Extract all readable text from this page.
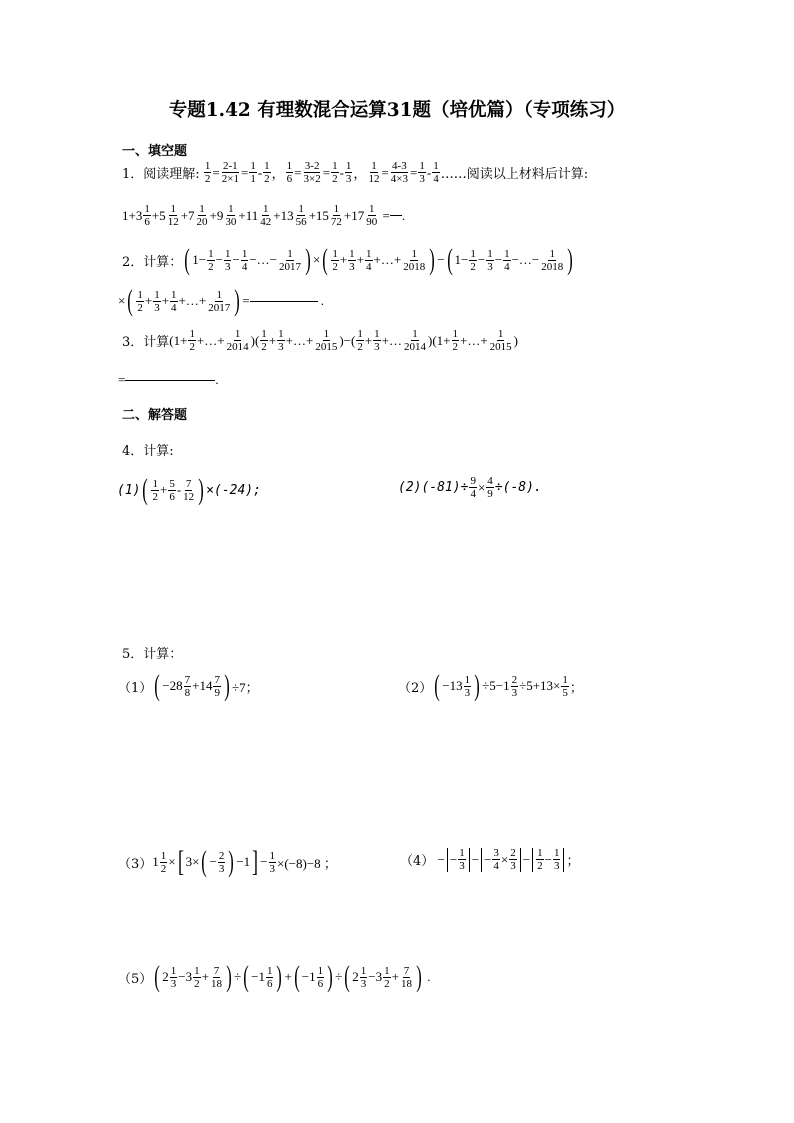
专题1.42 有理数混合运算31题（培优篇）（专项练习）
一、填空题
1．阅读理解:
$\frac{1}{2} = \frac{2-1}{2\times 1} = \frac{1}{1} - \frac{1}{2}$ ， $\frac{1}{6} = \frac{3-2}{3\times 2} = \frac{1}{2} - \frac{1}{3}$ ， $\frac{1}{12} = \frac{4-3}{4\times 3} = \frac{1}{3} - \frac{1}{4}$ ……阅读以上材料后计算:
$1+3 \frac{1}{6} +5 \frac{1}{12} +7 \frac{1}{20} +9 \frac{1}{30} +11 \frac{1}{42} +13 \frac{1}{56} +15 \frac{1}{72} +17 \frac{1}{90}$ = .
2．计算： ( $1- \frac{1}{2} - \frac{1}{3} - \frac{1}{4}$ −…− $\frac{1}{2017}$ ) × ( $\frac{1}{2} + \frac{1}{3} + \frac{1}{4}$ +…+ $\frac{1}{2018}$ ) − ( $1- \frac{1}{2} - \frac{1}{3} - \frac{1}{4}$ −…− $\frac{1}{2018}$ )
× ( $\frac{1}{2} + \frac{1}{3} + \frac{1}{4}$ +…+ $\frac{1}{2017}$ ) =	.
3．计算 ($1+ \frac{1}{2}$ +…+ $\frac{1}{2014}$ )( $\frac{1}{2} + \frac{1}{3}$ +…+ $\frac{1}{2015}$ )−( $\frac{1}{2} + \frac{1}{3}$ +… $\frac{1}{2014} )(1+ \frac{1}{2}$ +…+ $\frac{1}{2015}$ )
=	.
二、解答题
4．计算:
(1) ( $\frac{1}{2} + \frac{5}{6} - \frac{7}{12}$ ) ×(-24);	$(2)(-81)\div \frac{9}{4} \times \frac{4}{9} \div(-8)$.
5．计算：
（1） ( $-28 \frac{7}{8} +14 \frac{7}{9}$ ) ÷7；	（2） ( $-13 \frac{1}{3}$ ) $\div 5-1 \frac{2}{3} \div 5+13\times \frac{1}{5}$ ；
（3） $1 \frac{1}{2}$ × [ 3× ( − $\frac{2}{3}$ ) −1 ] − $\frac{1}{3} \times(-8)-8$ ；	（4） − − $\frac{1}{3}$ − − $\frac{3}{4} \times \frac{2}{3} - \frac{1}{2} - \frac{1}{3}$ ；
（5） ( $2 \frac{1}{3} -3 \frac{1}{2} + \frac{7}{18}$ ) ÷ ( $-1 \frac{1}{6}$ ) + ( $-1 \frac{1}{6}$ ) ÷ ( $2 \frac{1}{3} -3 \frac{1}{2} + \frac{7}{18}$ ) .
